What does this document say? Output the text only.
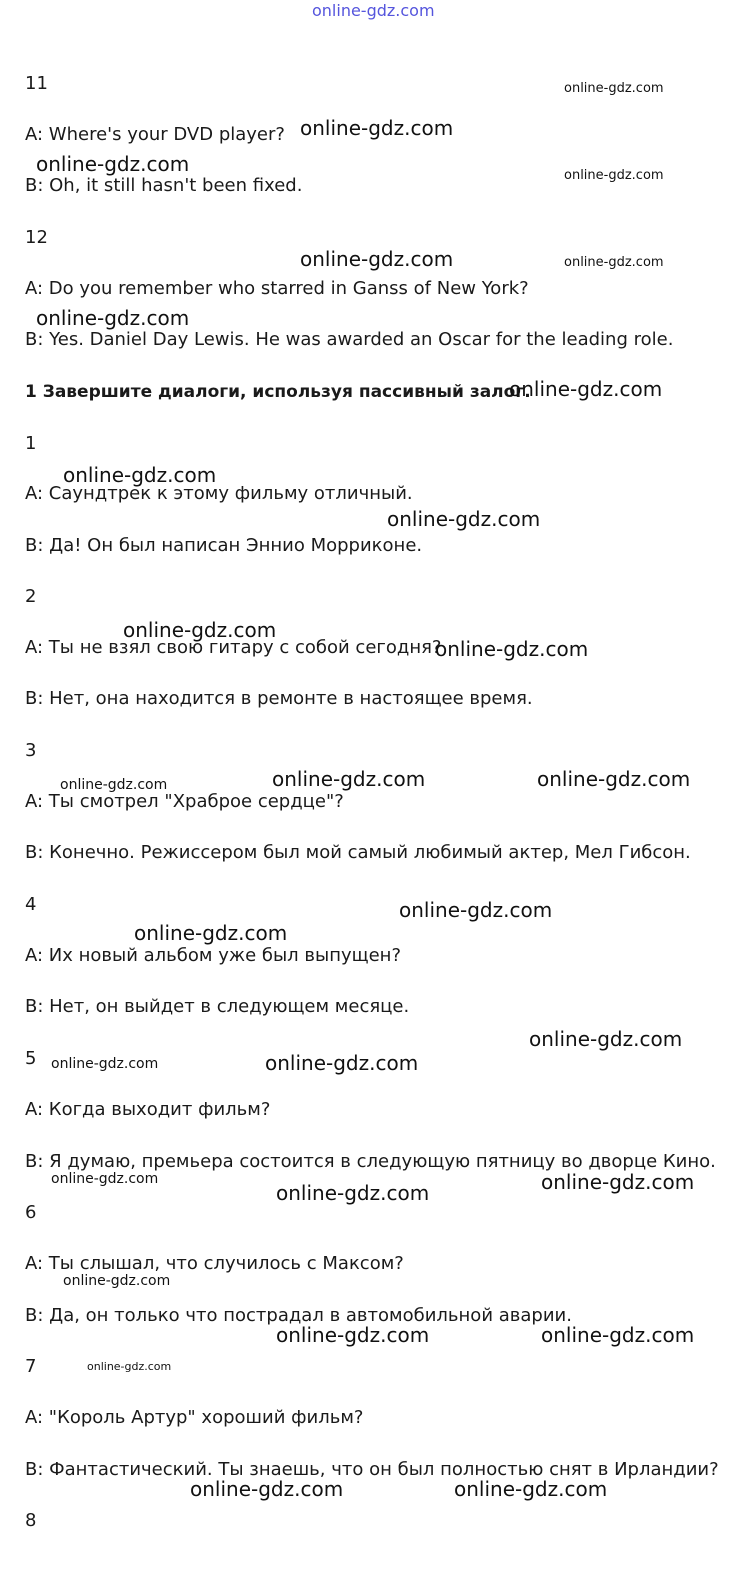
online-gdz.com

11

A: Where's your DVD player?

B: Oh, it still hasn't been fixed.

12

A: Do you remember who starred in Ganss of New York?

B: Yes. Daniel Day Lewis. He was awarded an Oscar for the leading role.

1 Завершите диалоги, используя пассивный залог.

1

A: Саундтрек к этому фильму отличный.

B: Да! Он был написан Эннио Морриконе.

2

A: Ты не взял свою гитару с собой сегодня?

B: Нет, она находится в ремонте в настоящее время.

3

A: Ты смотрел "Храброе сердце"?

B: Конечно. Режиссером был мой самый любимый актер, Мел Гибсон.

4

A: Их новый альбом уже был выпущен?

B: Нет, он выйдет в следующем месяце.

5

A: Когда выходит фильм?

B: Я думаю, премьера состоится в следующую пятницу во дворце Кино.

6

A: Ты слышал, что случилось с Максом?

B: Да, он только что пострадал в автомобильной аварии.

7

A: "Король Артур" хороший фильм?

B: Фантастический. Ты знаешь, что он был полностью снят в Ирландии?

8

online-gdz.com
online-gdz.com
online-gdz.com	online-gdz.com
online-gdz.com	online-gdz.com
online-gdz.com
online-gdz.com
online-gdz.com
online-gdz.com
online-gdz.com
online-gdz.com
online-gdz.com	online-gdz.com	online-gdz.com
online-gdz.com
online-gdz.com
online-gdz.com
online-gdz.com	online-gdz.com
online-gdz.com	online-gdz.com
online-gdz.com
online-gdz.com
online-gdz.com	online-gdz.com
online-gdz.com
online-gdz.com	online-gdz.com
